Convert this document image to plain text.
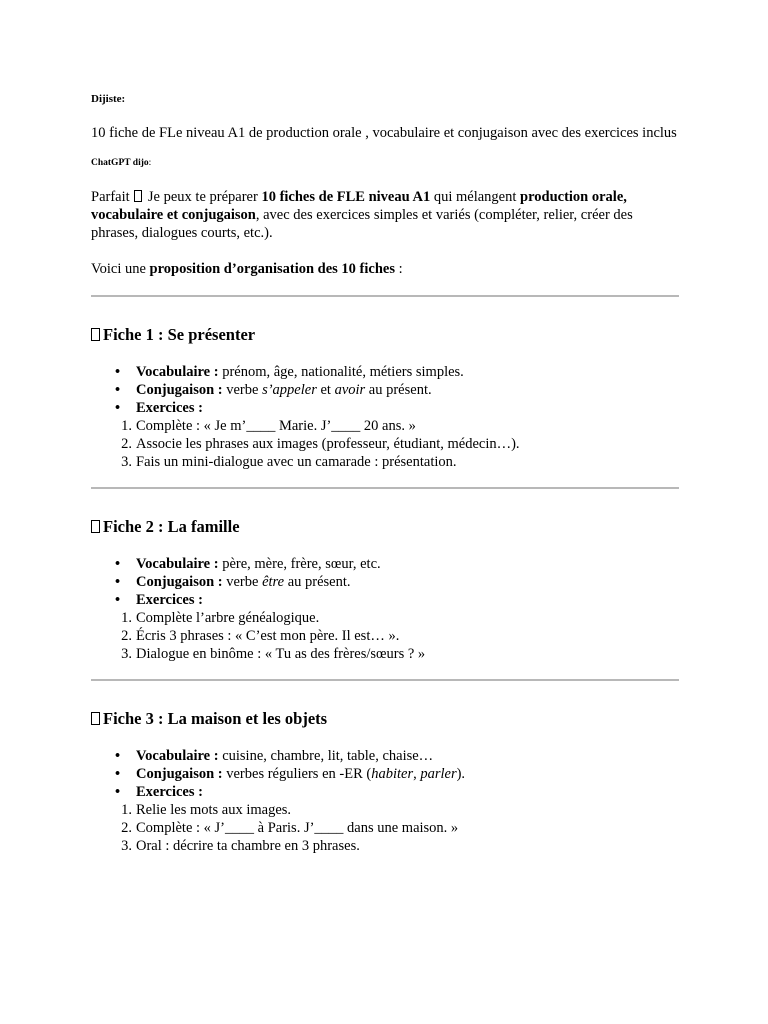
Dijiste:

10 fiche de FLe niveau A1 de production orale , vocabulaire et conjugaison avec des exercices inclus

ChatGPT dijo:

Parfait  Je peux te préparer 10 fiches de FLE niveau A1 qui mélangent production orale, vocabulaire et conjugaison, avec des exercices simples et variés (compléter, relier, créer des phrases, dialogues courts, etc.).

Voici une proposition d’organisation des 10 fiches :

Fiche 1 : Se présenter
• Vocabulaire : prénom, âge, nationalité, métiers simples.
• Conjugaison : verbe s’appeler et avoir au présent.
• Exercices :
1. Complète : « Je m’____ Marie. J’____ 20 ans. »
2. Associe les phrases aux images (professeur, étudiant, médecin…).
3. Fais un mini-dialogue avec un camarade : présentation.
Fiche 2 : La famille
• Vocabulaire : père, mère, frère, sœur, etc.
• Conjugaison : verbe être au présent.
• Exercices :
1. Complète l’arbre généalogique.
2. Écris 3 phrases : « C’est mon père. Il est… ».
3. Dialogue en binôme : « Tu as des frères/sœurs ? »
Fiche 3 : La maison et les objets
• Vocabulaire : cuisine, chambre, lit, table, chaise…
• Conjugaison : verbes réguliers en -ER (habiter, parler).
• Exercices :
1. Relie les mots aux images.
2. Complète : « J’____ à Paris. J’____ dans une maison. »
3. Oral : décrire ta chambre en 3 phrases.
